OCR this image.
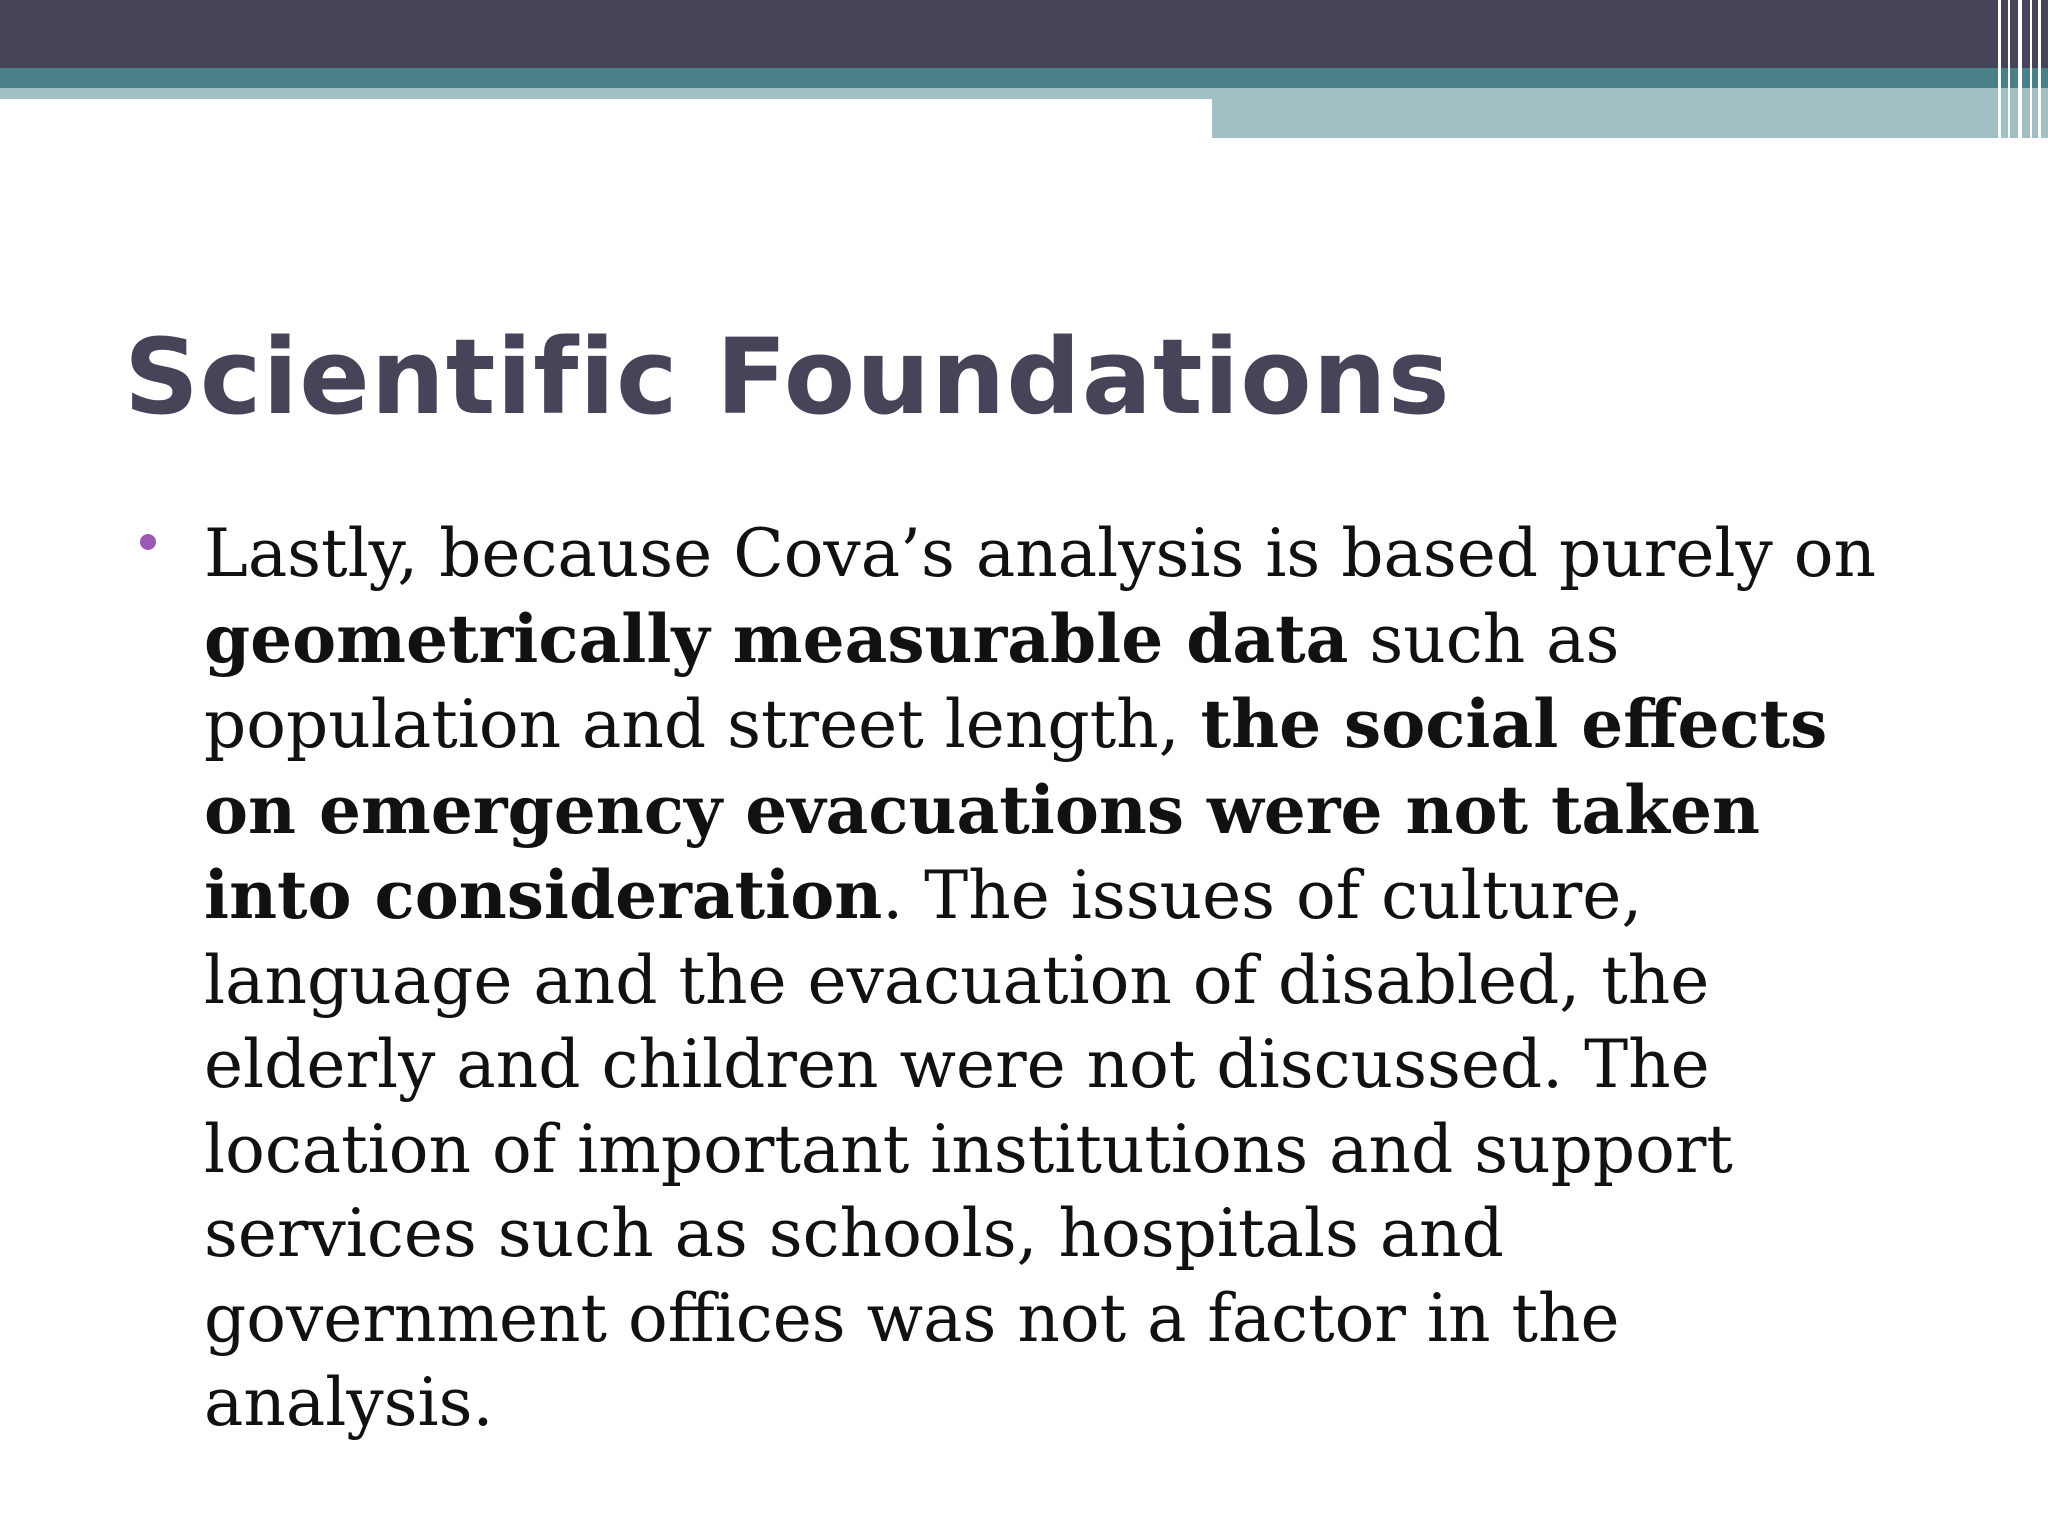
Scientific Foundations

Lastly, because Cova’s analysis is based purely on geometrically measurable data such as population and street length, the social effects on emergency evacuations were not taken into consideration. The issues of culture, language and the evacuation of disabled, the elderly and children were not discussed. The location of important institutions and support services such as schools, hospitals and government offices was not a factor in the analysis.
